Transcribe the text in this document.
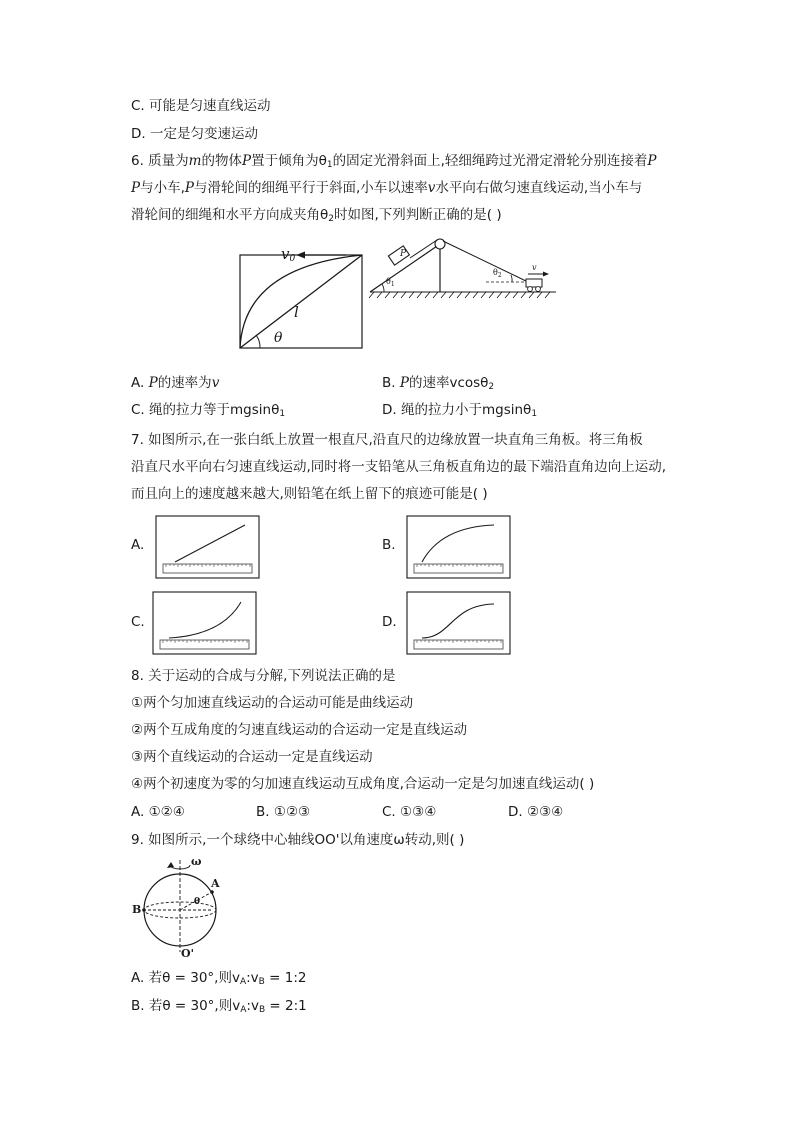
C. 可能是匀速直线运动
D. 一定是匀变速运动
6. 质量为m的物体P置于倾角为$\theta_1$的固定光滑斜面上,轻细绳跨过光滑定滑轮分别连接着P
P与小车,P与滑轮间的细绳平行于斜面,小车以速率v水平向右做匀速直线运动,当小车与
滑轮间的细绳和水平方向成夹角$\theta_2$时如图,下列判断正确的是( )
$v_0$
l
θ
P
$\theta_1$
$\theta_2$
v
A. P的速率为v	B. P的速率vcosθ$_2$
C. 绳的拉力等于mgsinθ$_1$	D. 绳的拉力小于mgsinθ$_1$
7. 如图所示,在一张白纸上放置一根直尺,沿直尺的边缘放置一块直角三角板。将三角板
沿直尺水平向右匀速直线运动,同时将一支铅笔从三角板直角边的最下端沿直角边向上运动,
而且向上的速度越来越大,则铅笔在纸上留下的痕迹可能是( )
A.	B.
C.	D.
8. 关于运动的合成与分解,下列说法正确的是
①两个匀加速直线运动的合运动可能是曲线运动
②两个互成角度的匀速直线运动的合运动一定是直线运动
③两个直线运动的合运动一定是直线运动
④两个初速度为零的匀加速直线运动互成角度,合运动一定是匀加速直线运动( )
A. ①②④	B. ①②③	C. ①③④	D. ②③④
9. 如图所示,一个球绕中心轴线OO'以角速度ω转动,则( )
ω
A
B
θ
O'
A. 若θ = 30°,则$v_A:v_B$ = 1:2
B. 若θ = 30°,则$v_A:v_B$ = 2:1
